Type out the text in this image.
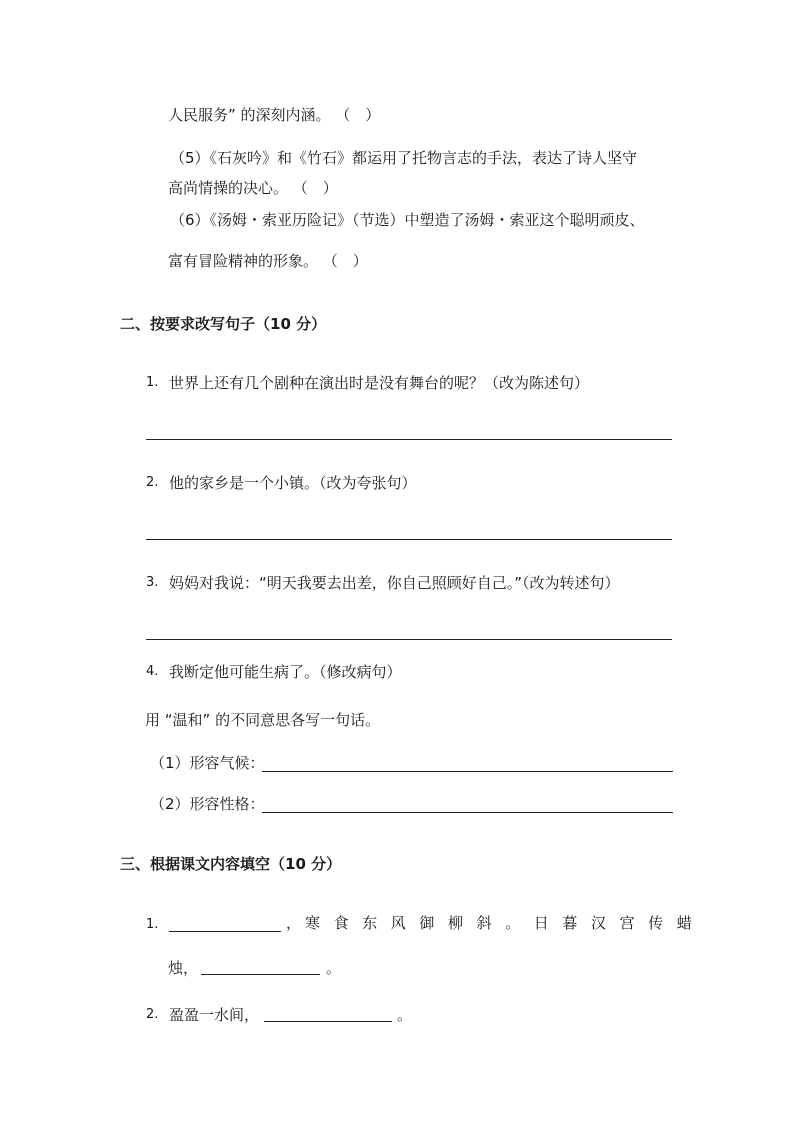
人民服务” 的深刻内涵。 （　）
（5）《石灰吟》和《竹石》都运用了托物言志的手法，表达了诗人坚守
高尚情操的决心。 （　）
（6）《汤姆・索亚历险记》（节选）中塑造了汤姆・索亚这个聪明顽皮、
富有冒险精神的形象。 （　）
二、按要求改写句子（10 分）
1. 世界上还有几个剧种在演出时是没有舞台的呢？（改为陈述句）
2. 他的家乡是一个小镇。（改为夸张句）
3. 妈妈对我说：“明天我要去出差，你自己照顾好自己。”（改为转述句）
4. 我断定他可能生病了。（修改病句）
用 “温和” 的不同意思各写一句话。
（1）形容气候：
（2）形容性格：
三、根据课文内容填空（10 分）
1.	， 寒食东风御柳斜。日暮汉宫传蜡
烛，	。
2. 盈盈一水间，	。
